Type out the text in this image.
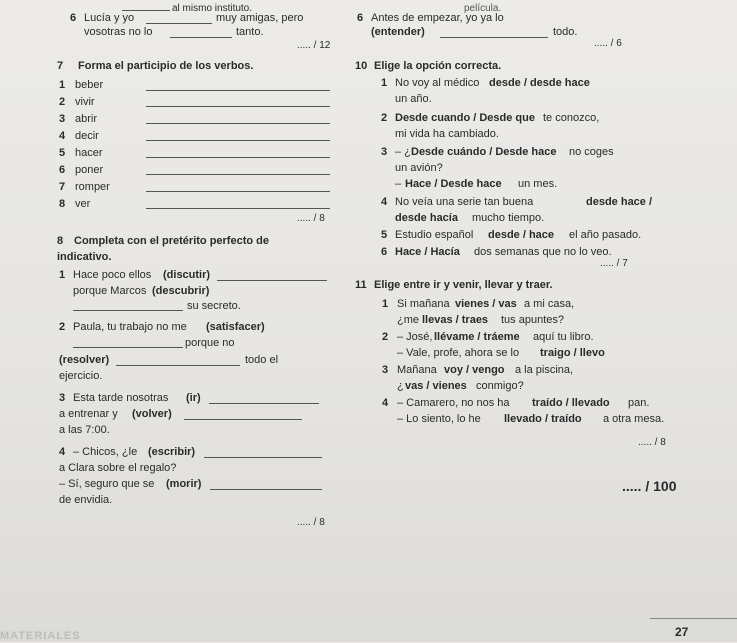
al mismo instituto.	película.
6 Lucía y yo	muy amigas, pero
vosotras no lo	tanto.
..... / 12
6 Antes de empezar, yo ya lo
(entender)	todo.
..... / 6
7 Forma el participio de los verbos.
1 beber
2 vivir
3 abrir
4 decir
5 hacer
6 poner
7 romper
8 ver
..... / 8
8 Completa con el pretérito perfecto de
indicativo.
1 Hace poco ellos (discutir)
porque Marcos (descubrir)
su secreto.
2 Paula, tu trabajo no me (satisfacer)
porque no
(resolver)	todo el
ejercicio.
3 Esta tarde nosotras (ir)
a entrenar y (volver)
a las 7:00.
4 – Chicos, ¿le (escribir)
a Clara sobre el regalo?
– Sí, seguro que se (morir)
de envidia.
..... / 8
10 Elige la opción correcta.
1 No voy al médico desde / desde hace
un año.
2 Desde cuando / Desde que te conozco,
mi vida ha cambiado.
3 – ¿ Desde cuándo / Desde hace no coges
un avión?
– Hace / Desde hace un mes.
4 No veía una serie tan buena	desde hace /
desde hacía mucho tiempo.
5 Estudio español desde / hace el año pasado.
6 Hace / Hacía dos semanas que no lo veo.
..... / 7
11 Elige entre ir y venir, llevar y traer.
1 Si mañana vienes / vas a mi casa,
¿me llevas / traes tus apuntes?
2 – José, llévame / tráeme aquí tu libro.
– Vale, profe, ahora se lo traigo / llevo
3 Mañana voy / vengo a la piscina,
¿ vas / vienes conmigo?
4 – Camarero, no nos ha traído / llevado pan.
– Lo siento, lo he llevado / traído a otra mesa.
..... / 8
..... / 100
27
MATERIALES
